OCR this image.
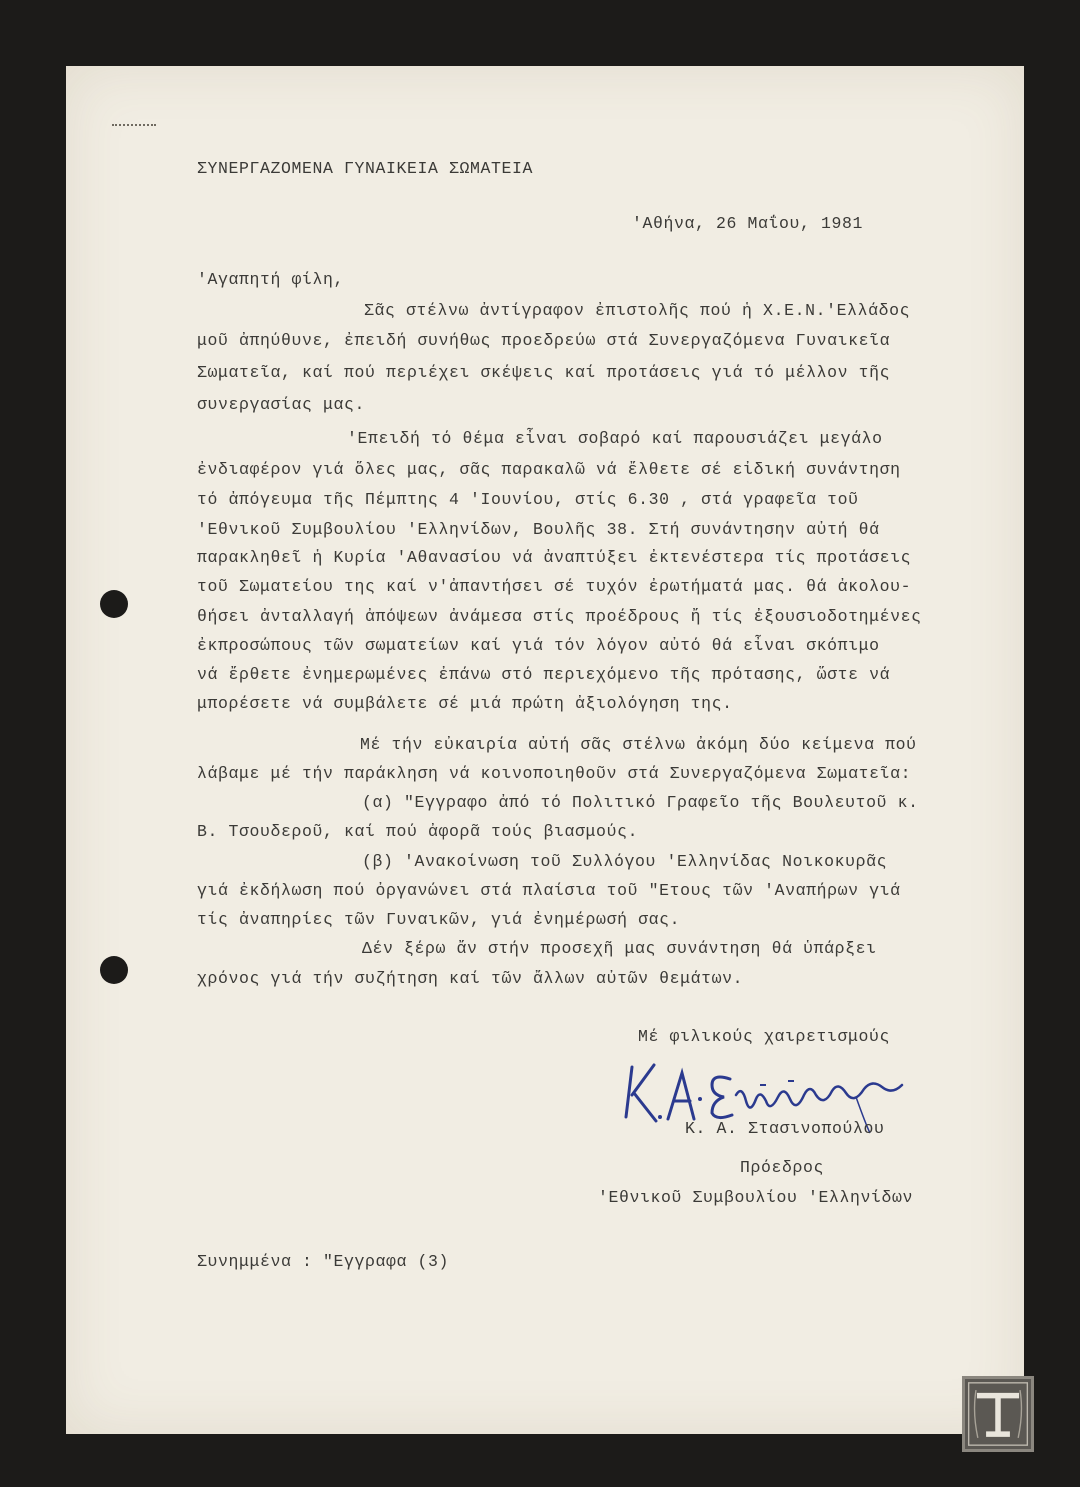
ΣΥΝΕΡΓΑΖΟΜΕΝΑ ΓΥΝΑΙΚΕΙΑ ΣΩΜΑΤΕΙΑ
'Αθήνα, 26 Μαΐου, 1981
'Αγαπητή φίλη,
Σᾶς στέλνω ἀντίγραφον ἐπιστολῆς πού ἡ Χ.Ε.Ν.'Ελλάδος
μοῦ ἀπηύθυνε, ἐπειδή συνήθως προεδρεύω στά Συνεργαζόμενα Γυναικεῖα
Σωματεῖα, καί πού περιέχει σκέψεις καί προτάσεις γιά τό μέλλον τῆς
συνεργασίας μας.
'Επειδή τό θέμα εἶναι σοβαρό καί παρουσιάζει μεγάλο
ἐνδιαφέρον γιά ὅλες μας, σᾶς παρακαλῶ νά ἔλθετε σέ εἰδική συνάντηση
τό ἀπόγευμα τῆς Πέμπτης 4 'Ιουνίου, στίς 6.30 , στά γραφεῖα τοῦ
'Εθνικοῦ Συμβουλίου 'Ελληνίδων, Βουλῆς 38. Στή συνάντησην αὐτή θά
παρακληθεῖ ἡ Κυρία 'Αθανασίου νά ἀναπτύξει ἐκτενέστερα τίς προτάσεις
τοῦ Σωματείου της καί ν'ἀπαντήσει σέ τυχόν ἐρωτήματά μας. θά ἀκολου-
θήσει ἀνταλλαγή ἀπόψεων ἀνάμεσα στίς προέδρους ἤ τίς ἐξουσιοδοτημένες
ἐκπροσώπους τῶν σωματείων καί γιά τόν λόγον αὐτό θά εἶναι σκόπιμο
νά ἔρθετε ἐνημερωμένες ἐπάνω στό περιεχόμενο τῆς πρότασης, ὥστε νά
μπορέσετε νά συμβάλετε σέ μιά πρώτη ἀξιολόγηση της.
Μέ τήν εὐκαιρία αὐτή σᾶς στέλνω ἀκόμη δύο κείμενα πού
λάβαμε μέ τήν παράκληση νά κοινοποιηθοῦν στά Συνεργαζόμενα Σωματεῖα:
(α) "Εγγραφο ἀπό τό Πολιτικό Γραφεῖο τῆς Βουλευτοῦ κ.
Β. Τσουδεροῦ, καί πού ἀφορᾶ τούς βιασμούς.
(β) 'Ανακοίνωση τοῦ Συλλόγου 'Ελληνίδας Νοικοκυρᾶς
γιά ἐκδήλωση πού ὀργανώνει στά πλαίσια τοῦ "Ετους τῶν 'Αναπήρων γιά
τίς ἀναπηρίες τῶν Γυναικῶν, γιά ἐνημέρωσή σας.
Δέν ξέρω ἄν στήν προσεχῆ μας συνάντηση θά ὑπάρξει
χρόνος γιά τήν συζήτηση καί τῶν ἄλλων αὐτῶν θεμάτων.
Μέ φιλικούς χαιρετισμούς
Κ. Α. Στασινοπούλου
Πρόεδρος
'Εθνικοῦ Συμβουλίου 'Ελληνίδων
Συνημμένα : "Εγγραφα (3)
